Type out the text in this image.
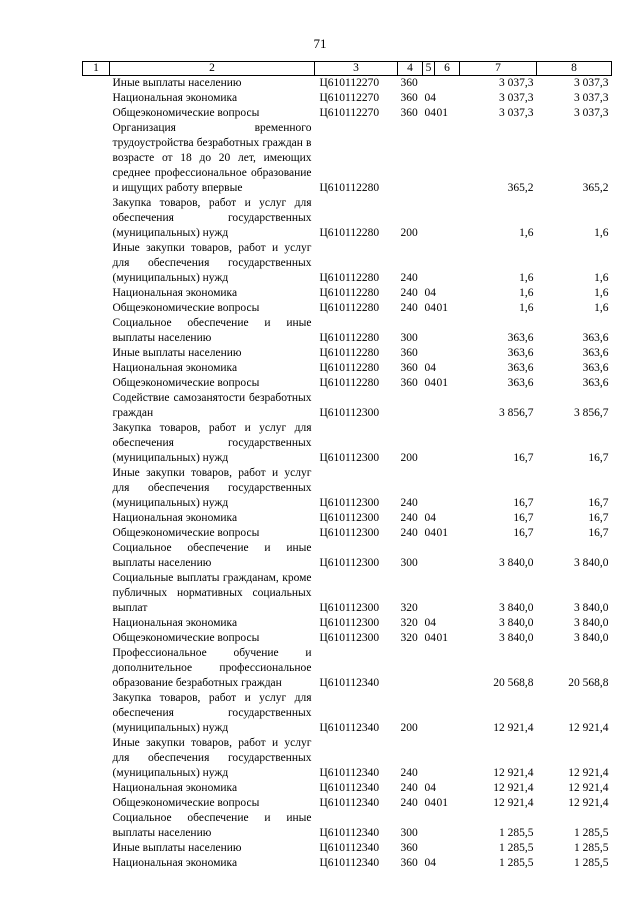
71
1	2	3	4	5	6	7	8
	Иные выплаты населению	Ц610112270	360			3 037,3	3 037,3
	Национальная экономика	Ц610112270	360	04		3 037,3	3 037,3
	Общеэкономические вопросы	Ц610112270	360	04	01	3 037,3	3 037,3
	Организация временного трудоустройства безработных граждан в возрасте от 18 до 20 лет, имеющих среднее профессиональное образование и ищущих работу впервые	Ц610112280				365,2	365,2
	Закупка товаров, работ и услуг для обеспечения государственных (муниципальных) нужд	Ц610112280	200			1,6	1,6
	Иные закупки товаров, работ и услуг для обеспечения государственных (муниципальных) нужд	Ц610112280	240			1,6	1,6
	Национальная экономика	Ц610112280	240	04		1,6	1,6
	Общеэкономические вопросы	Ц610112280	240	04	01	1,6	1,6
	Социальное обеспечение и иные выплаты населению	Ц610112280	300			363,6	363,6
	Иные выплаты населению	Ц610112280	360			363,6	363,6
	Национальная экономика	Ц610112280	360	04		363,6	363,6
	Общеэкономические вопросы	Ц610112280	360	04	01	363,6	363,6
	Содействие самозанятости безработных граждан	Ц610112300				3 856,7	3 856,7
	Закупка товаров, работ и услуг для обеспечения государственных (муниципальных) нужд	Ц610112300	200			16,7	16,7
	Иные закупки товаров, работ и услуг для обеспечения государственных (муниципальных) нужд	Ц610112300	240			16,7	16,7
	Национальная экономика	Ц610112300	240	04		16,7	16,7
	Общеэкономические вопросы	Ц610112300	240	04	01	16,7	16,7
	Социальное обеспечение и иные выплаты населению	Ц610112300	300			3 840,0	3 840,0
	Социальные выплаты гражданам, кроме публичных нормативных социальных выплат	Ц610112300	320			3 840,0	3 840,0
	Национальная экономика	Ц610112300	320	04		3 840,0	3 840,0
	Общеэкономические вопросы	Ц610112300	320	04	01	3 840,0	3 840,0
	Профессиональное обучение и дополнительное профессиональное образование безработных граждан	Ц610112340				20 568,8	20 568,8
	Закупка товаров, работ и услуг для обеспечения государственных (муниципальных) нужд	Ц610112340	200			12 921,4	12 921,4
	Иные закупки товаров, работ и услуг для обеспечения государственных (муниципальных) нужд	Ц610112340	240			12 921,4	12 921,4
	Национальная экономика	Ц610112340	240	04		12 921,4	12 921,4
	Общеэкономические вопросы	Ц610112340	240	04	01	12 921,4	12 921,4
	Социальное обеспечение и иные выплаты населению	Ц610112340	300			1 285,5	1 285,5
	Иные выплаты населению	Ц610112340	360			1 285,5	1 285,5
	Национальная экономика	Ц610112340	360	04		1 285,5	1 285,5
